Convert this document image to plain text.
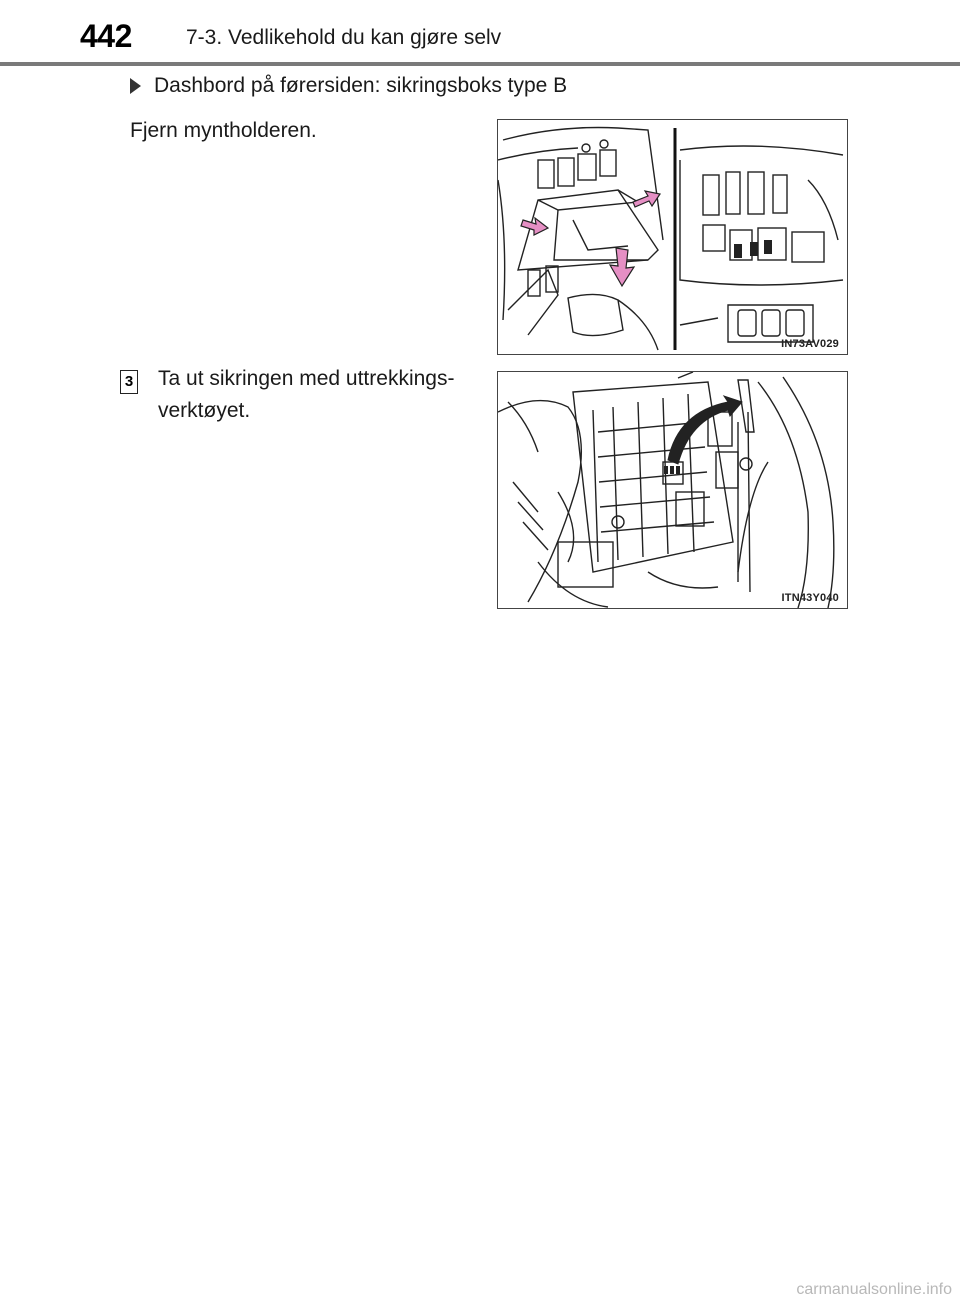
442	7-3. Vedlikehold du kan gjøre selv
Dashbord på førersiden: sikringsboks type B
Fjern myntholderen.
3 Ta ut sikringen med uttrekkings-
verktøyet.
IN73AV029
ITN43Y040
carmanualsonline.info
